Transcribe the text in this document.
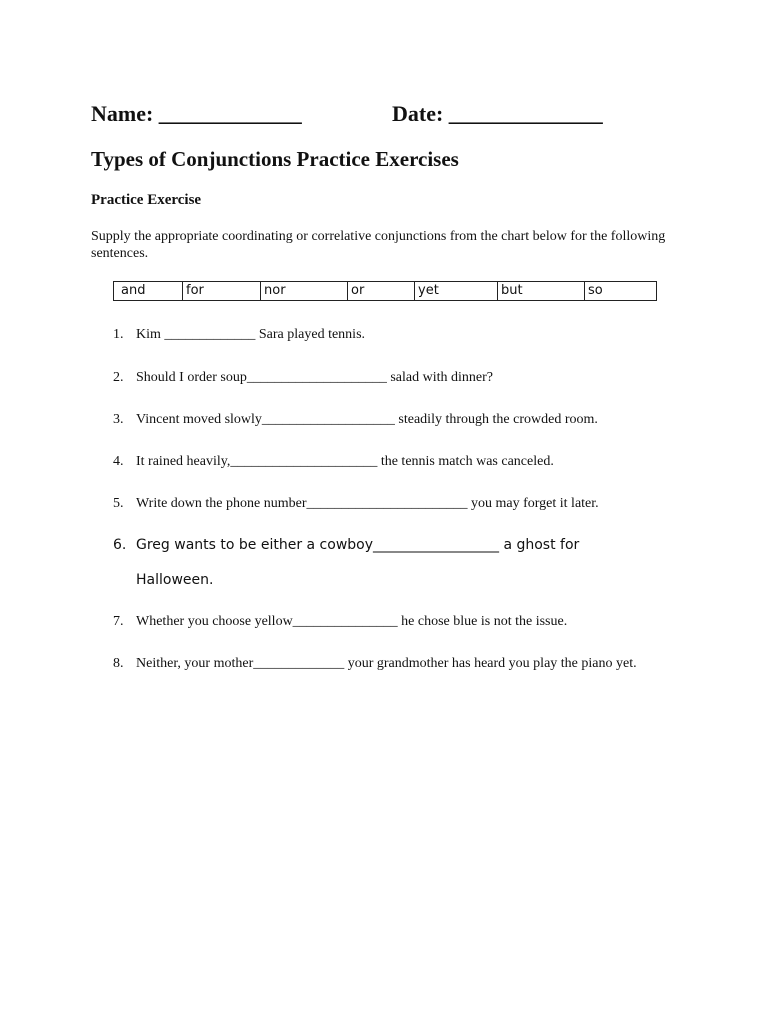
Name: _____________	Date: ______________
Types of Conjunctions Practice Exercises
Practice Exercise
Supply the appropriate coordinating or correlative conjunctions from the chart below for the following sentences.
and	for	nor	or	yet	but	so
1. Kim _____________ Sara played tennis.
2. Should I order soup____________________ salad with dinner?
3. Vincent moved slowly___________________ steadily through the crowded room.
4. It rained heavily,_____________________ the tennis match was canceled.
5. Write down the phone number_______________________ you may forget it later.
6. Greg wants to be either a cowboy__________________ a ghost for Halloween.
7. Whether you choose yellow_______________ he chose blue is not the issue.
8. Neither, your mother_____________ your grandmother has heard you play the piano yet.
